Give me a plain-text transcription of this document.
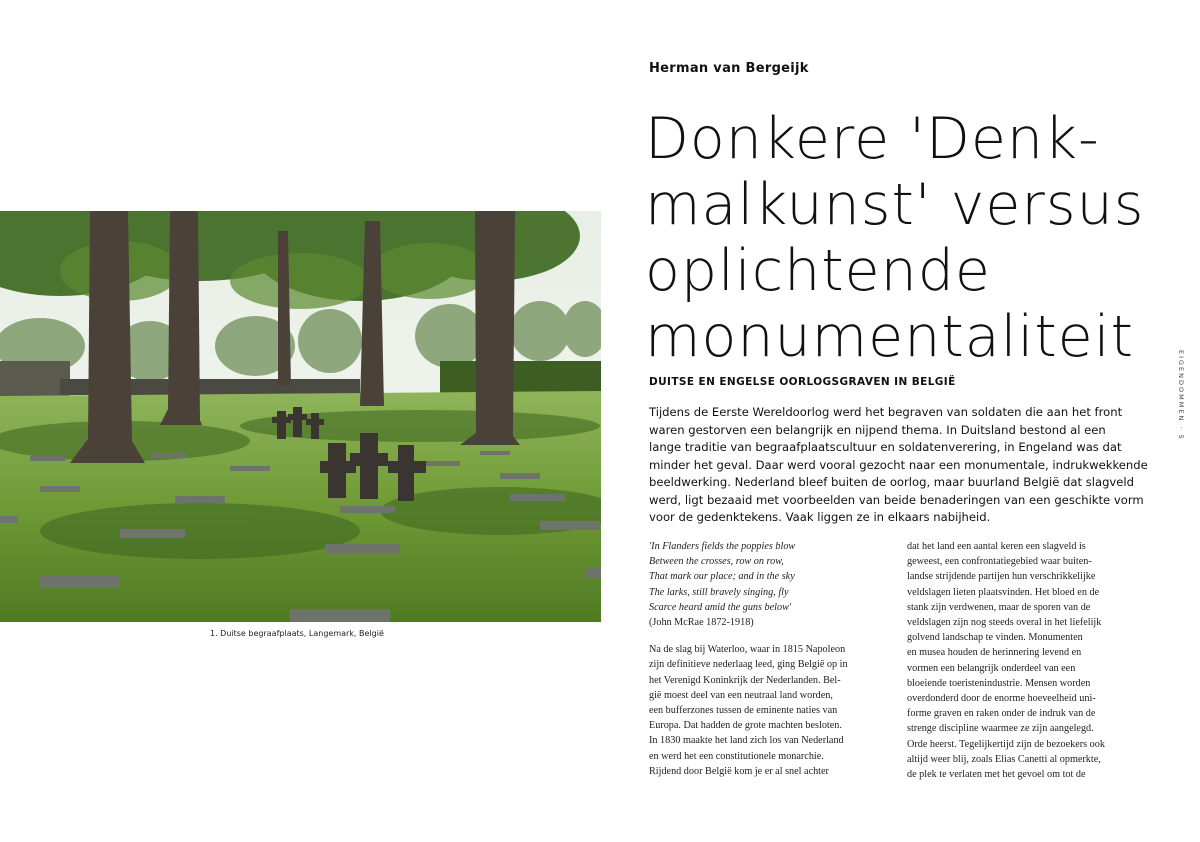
1. Duitse begraafplaats, Langemark, België
Herman van Bergeijk
Donkere 'Denk-
malkunst' versus
oplichtende
monumentaliteit
DUITSE EN ENGELSE OORLOGSGRAVEN IN BELGIË
Tijdens de Eerste Wereldoorlog werd het begraven van soldaten die aan het front
waren gestorven een belangrijk en nijpend thema. In Duitsland bestond al een
lange traditie van begraafplaatscultuur en soldatenverering, in Engeland was dat
minder het geval. Daar werd vooral gezocht naar een monumentale, indrukwekkende
beeldwerking. Nederland bleef buiten de oorlog, maar buurland België dat slagveld
werd, ligt bezaaid met voorbeelden van beide benaderingen van een geschikte vorm
voor de gedenktekens. Vaak liggen ze in elkaars nabijheid.
'In Flanders fields the poppies blow
Between the crosses, row on row,
That mark our place; and in the sky
The larks, still bravely singing, fly
Scarce heard amid the guns below'
(John McRae 1872-1918)
Na de slag bij Waterloo, waar in 1815 Napoleon
zijn definitieve nederlaag leed, ging België op in
het Verenigd Koninkrijk der Nederlanden. Bel-
gië moest deel van een neutraal land worden,
een bufferzones tussen de eminente naties van
Europa. Dat hadden de grote machten besloten.
In 1830 maakte het land zich los van Nederland
en werd het een constitutionele monarchie.
Rijdend door België kom je er al snel achter
dat het land een aantal keren een slagveld is
geweest, een confrontatiegebied waar buiten-
landse strijdende partijen hun verschrikkelijke
veldslagen lieten plaatsvinden. Het bloed en de
stank zijn verdwenen, maar de sporen van de
veldslagen zijn nog steeds overal in het liefelijk
golvend landschap te vinden. Monumenten
en musea houden de herinnering levend en
vormen een belangrijk onderdeel van een
bloeiende toeristenindustrie. Mensen worden
overdonderd door de enorme hoeveelheid uni-
forme graven en raken onder de indruk van de
strenge discipline waarmee ze zijn aangelegd.
Orde heerst. Tegelijkertijd zijn de bezoekers ook
altijd weer blij, zoals Elias Canetti al opmerkte,
de plek te verlaten met het gevoel om tot de
EIGENDOMMEN · 5
